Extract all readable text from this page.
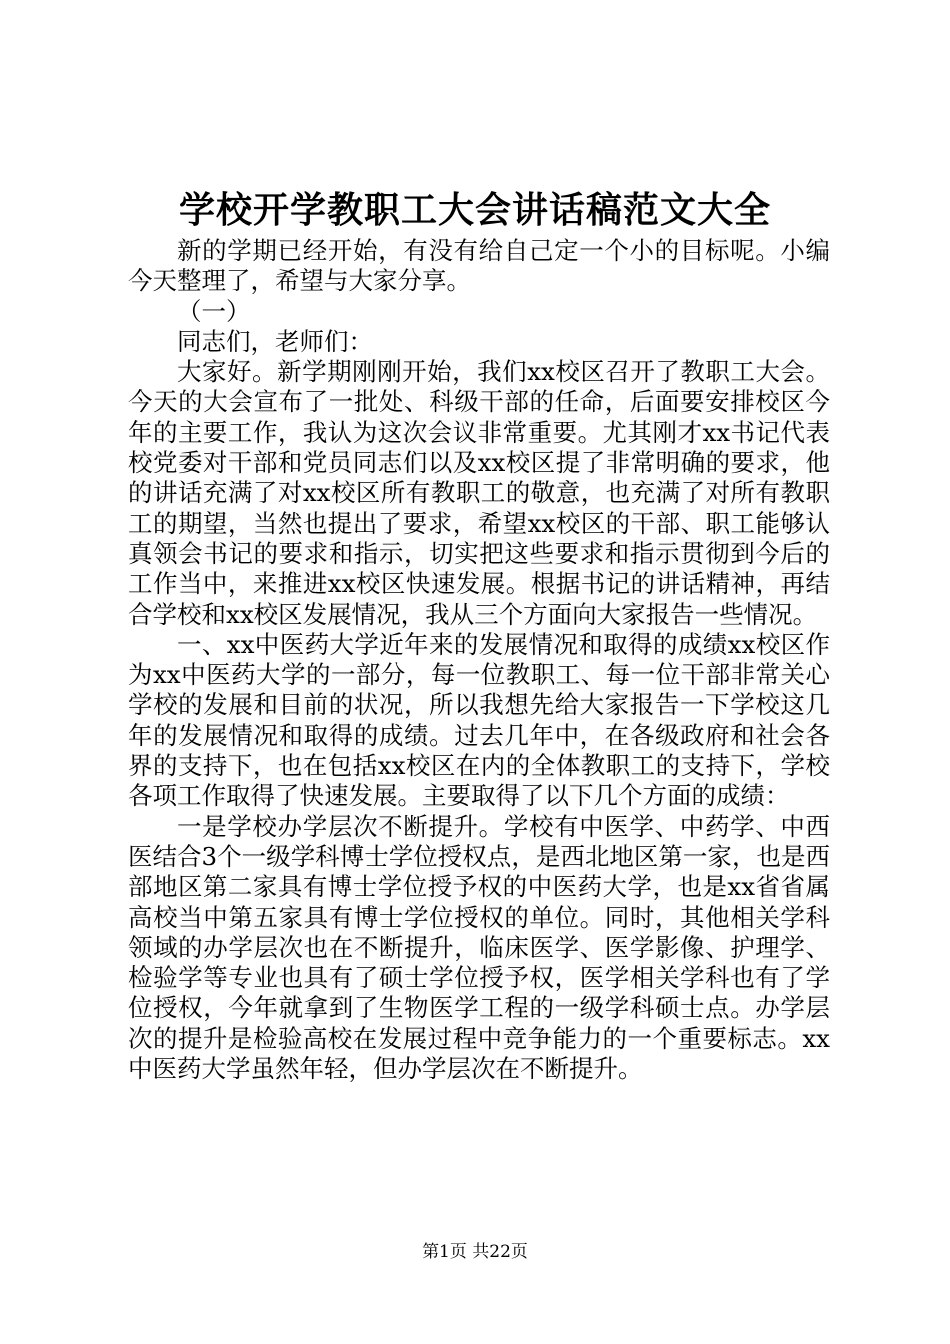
学校开学教职工大会讲话稿范文大全

新的学期已经开始，有没有给自己定一个小的目标呢。小编今天整理了，希望与大家分享。

（一）

同志们，老师们：

大家好。新学期刚刚开始，我们xx校区召开了教职工大会。今天的大会宣布了一批处、科级干部的任命，后面要安排校区今年的主要工作，我认为这次会议非常重要。尤其刚才xx书记代表校党委对干部和党员同志们以及xx校区提了非常明确的要求，他的讲话充满了对xx校区所有教职工的敬意，也充满了对所有教职工的期望，当然也提出了要求，希望xx校区的干部、职工能够认真领会书记的要求和指示，切实把这些要求和指示贯彻到今后的工作当中，来推进xx校区快速发展。根据书记的讲话精神，再结合学校和xx校区发展情况，我从三个方面向大家报告一些情况。

一、xx中医药大学近年来的发展情况和取得的成绩xx校区作为xx中医药大学的一部分，每一位教职工、每一位干部非常关心学校的发展和目前的状况，所以我想先给大家报告一下学校这几年的发展情况和取得的成绩。过去几年中，在各级政府和社会各界的支持下，也在包括xx校区在内的全体教职工的支持下，学校各项工作取得了快速发展。主要取得了以下几个方面的成绩：

一是学校办学层次不断提升。学校有中医学、中药学、中西医结合3个一级学科博士学位授权点，是西北地区第一家，也是西部地区第二家具有博士学位授予权的中医药大学，也是xx省省属高校当中第五家具有博士学位授权的单位。同时，其他相关学科领域的办学层次也在不断提升，临床医学、医学影像、护理学、检验学等专业也具有了硕士学位授予权，医学相关学科也有了学位授权，今年就拿到了生物医学工程的一级学科硕士点。办学层次的提升是检验高校在发展过程中竞争能力的一个重要标志。xx中医药大学虽然年轻，但办学层次在不断提升。

第1页 共22页
